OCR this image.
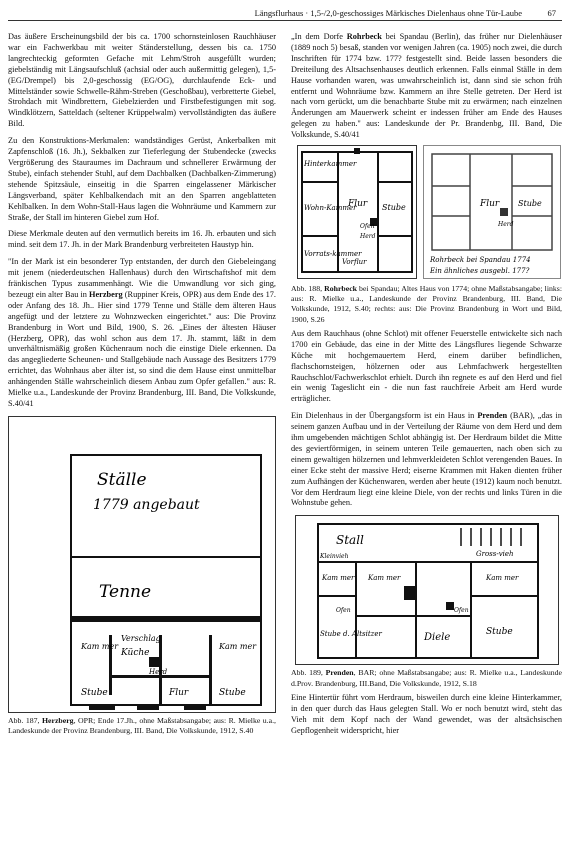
Längsflurhaus · 1,5-/2,0-geschossiges Märkisches Dielenhaus ohne Tür-Laube	67

Das äußere Erscheinungsbild der bis ca. 1700 schornsteinlosen Rauchhäuser war ein Fachwerkbau mit weiter Ständerstellung, dessen bis ca. 1750 langrechteckig geformten Gefache mit Lehm/Stroh ausgefüllt wurden; giebelständig mit Längsaufschluß (achsial oder auch außermittig gelegen), 1,5- (EG/Drempel) bis 2,0-geschossig (EG/OG), durchlaufende Eck- und Mittelständer sowie Schwelle-Rähm-Streben (Geschoßbau), verbretterte Giebel, Strohdach mit Windbrettern, Giebelzierden und Firstbefestigungen mit sog. Windklötzern, Satteldach (seltener Krüppelwalm) vervollständigten das äußere Bild.

Zu den Konstruktions-Merkmalen: wandständiges Gerüst, Ankerbalken mit Zapfenschloß (16. Jh.), Sekbalken zur Tieferlegung der Stubendecke (zwecks Vergrößerung des Stauraumes im Dachraum und schnellerer Erwärmung der Stube), einfach stehender Stuhl, auf dem Dachbalken (Dachbalken-Zimmerung) stehende Spitzsäule, einseitig in die Sparren eingelassener Märkischer Längsverband, später Kehlbalkendach mit an den Sparren angeblatteten Kehlbalken. In dem Wohn-Stall-Haus lagen die Wohnräume und Kammern zur Straße, der Stall im hinteren Giebel zum Hof.

Diese Merkmale deuten auf den vermutlich bereits im 16. Jh. erbauten und sich mind. seit dem 17. Jh. in der Mark Brandenburg verbreiteten Haustyp hin.

"In der Mark ist ein besonderer Typ entstanden, der durch den Giebeleingang mit jenem (niederdeutschen Hallenhaus) durch den Wirtschaftshof mit dem fränkischen Typus zusammenhängt. Wie die Umwandlung vor sich ging, bezeugt ein alter Bau in Herzberg (Ruppiner Kreis, OPR) aus dem Ende des 17. oder Anfang des 18. Jh.. Hier sind 1779 Tenne und Ställe dem älteren Haus angefügt und der letztere zu Wohnzwecken eingerichtet." aus: Die Provinz Brandenburg in Wort und Bild, 1900, S. 26. „Eines der ältesten Häuser (Herzberg, OPR), das wohl schon aus dem 17. Jh. stammt, läßt in dem unverhältnismäßig großen Küchenraum noch die einstige Diele erkennen. Da das angegliederte Scheunen- und Stallgebäude nach Aussage des Besitzers 1779 errichtet, das Wohnhaus aber älter ist, so sind die dem Hause einst unmittelbar anhängenden Ställe wahrscheinlich diesem Anbau zum Opfer gefallen." aus: R. Mielke u.a., Landeskunde der Provinz Brandenburg, III. Band, Die Volkskunde, S.40/41

Ställe
1779 angebaut
Tenne
Kam mer
Verschlag
Küche
Herd
Kam mer
Stube	Flur	Stube
Abb. 187, Herzberg, OPR; Ende 17.Jh., ohne Maßstabsangabe; aus: R. Mielke u.a., Landeskunde der Provinz Brandenburg, III. Band, Die Volkskunde, 1912, S.40

„In dem Dorfe Rohrbeck bei Spandau (Berlin), das früher nur Dielenhäuser (1889 noch 5) besaß, standen vor wenigen Jahren (ca. 1905) noch zwei, die durch Inschriften für 1774 bzw. 177? festgestellt sind. Beide lassen besonders die Dreiteilung des Altsachsenhauses deutlich erkennen. Falls einmal Ställe in dem Hause vorhanden waren, was unwahrscheinlich ist, dann sind sie schon früh entfernt und Wohnräume bzw. Kammern an ihre Stelle getreten. Der Herd ist nach vorn gerückt, um die benachbarte Stube mit zu erwärmen; nach einzelnen Änderungen am Mauerwerk scheint er indessen früher am Ende des Hauses gelegen zu haben." aus: Landeskunde der Pr. Brandenbg, III. Band, Die Volkskunde, S.40/41

Hinterkammer
Wohn-Kammer
Flur Stube
Ofen
Herd
Vorrats-kammer
Vorflur
Flur Stube
Herd
Rohrbeck bei Spandau 1774
Ein ähnliches ausgebl. 177?
Abb. 188, Rohrbeck bei Spandau; Altes Haus von 1774; ohne Maßstabsangabe; links: aus: R. Mielke u.a., Landeskunde der Provinz Brandenburg, III. Band, Die Volkskunde, 1912, S.40; rechts: aus: Die Provinz Brandenburg in Wort und Bild, 1900, S.26

Aus dem Rauchhaus (ohne Schlot) mit offener Feuerstelle entwickelte sich nach 1700 ein Gebäude, das eine in der Mitte des Längsflures liegende Schwarze Küche mit hochgemauertem Herd, einem darüber befindlichen, flachschornsteigen, hölzernen oder aus Lehmfachwerk hergestellten Rauchschlot/Fachwerkschlot erhielt. Durch ihn regnete es auf den Herd und fiel ein wenig Tageslicht ein - die nun fast rauchfreie Arbeit am Herd wurde erträglicher.

Ein Dielenhaus in der Übergangsform ist ein Haus in Prenden (BAR), „das in seinem ganzen Aufbau und in der Verteilung der Räume von dem Herd und dem ihm umgebenden mächtigen Schlot abhängig ist. Der Herdraum bildet die Mitte des geviertförmigen, in seinem unteren Teile gemauerten, nach oben sich zu einem gewaltigen hölzernen und lehmverkleideten Schlot verengenden Baues. In einer Ecke steht der massive Herd; eiserne Krammen mit Haken dienten früher zum Aufhängen der Küchenwaren, werden aber heute (1912) kaum noch benutzt. Vor dem Herdraum liegt eine kleine Diele, von der rechts und links Türen in die Wohnstube gehen.

Stall
Gross-vieh
Kleinvieh
Kam mer Kam mer	Kam mer
Ofen	Ofen
Stube d. Altsitzer	Diele	Stube
Abb. 189, Prenden, BAR; ohne Maßstabsangabe; aus: R. Mielke u.a., Landeskunde d.Prov. Brandenburg, III.Band, Die Volkskunde, 1912, S.18

Eine Hintertür führt vom Herdraum, bisweilen durch eine kleine Hinterkammer, in den quer durch das Haus gelegten Stall. Wo er noch benutzt wird, steht das Vieh mit dem Kopf nach der Wand gewendet, was der altsächsischen Gepflogenheit widerspricht, hier
